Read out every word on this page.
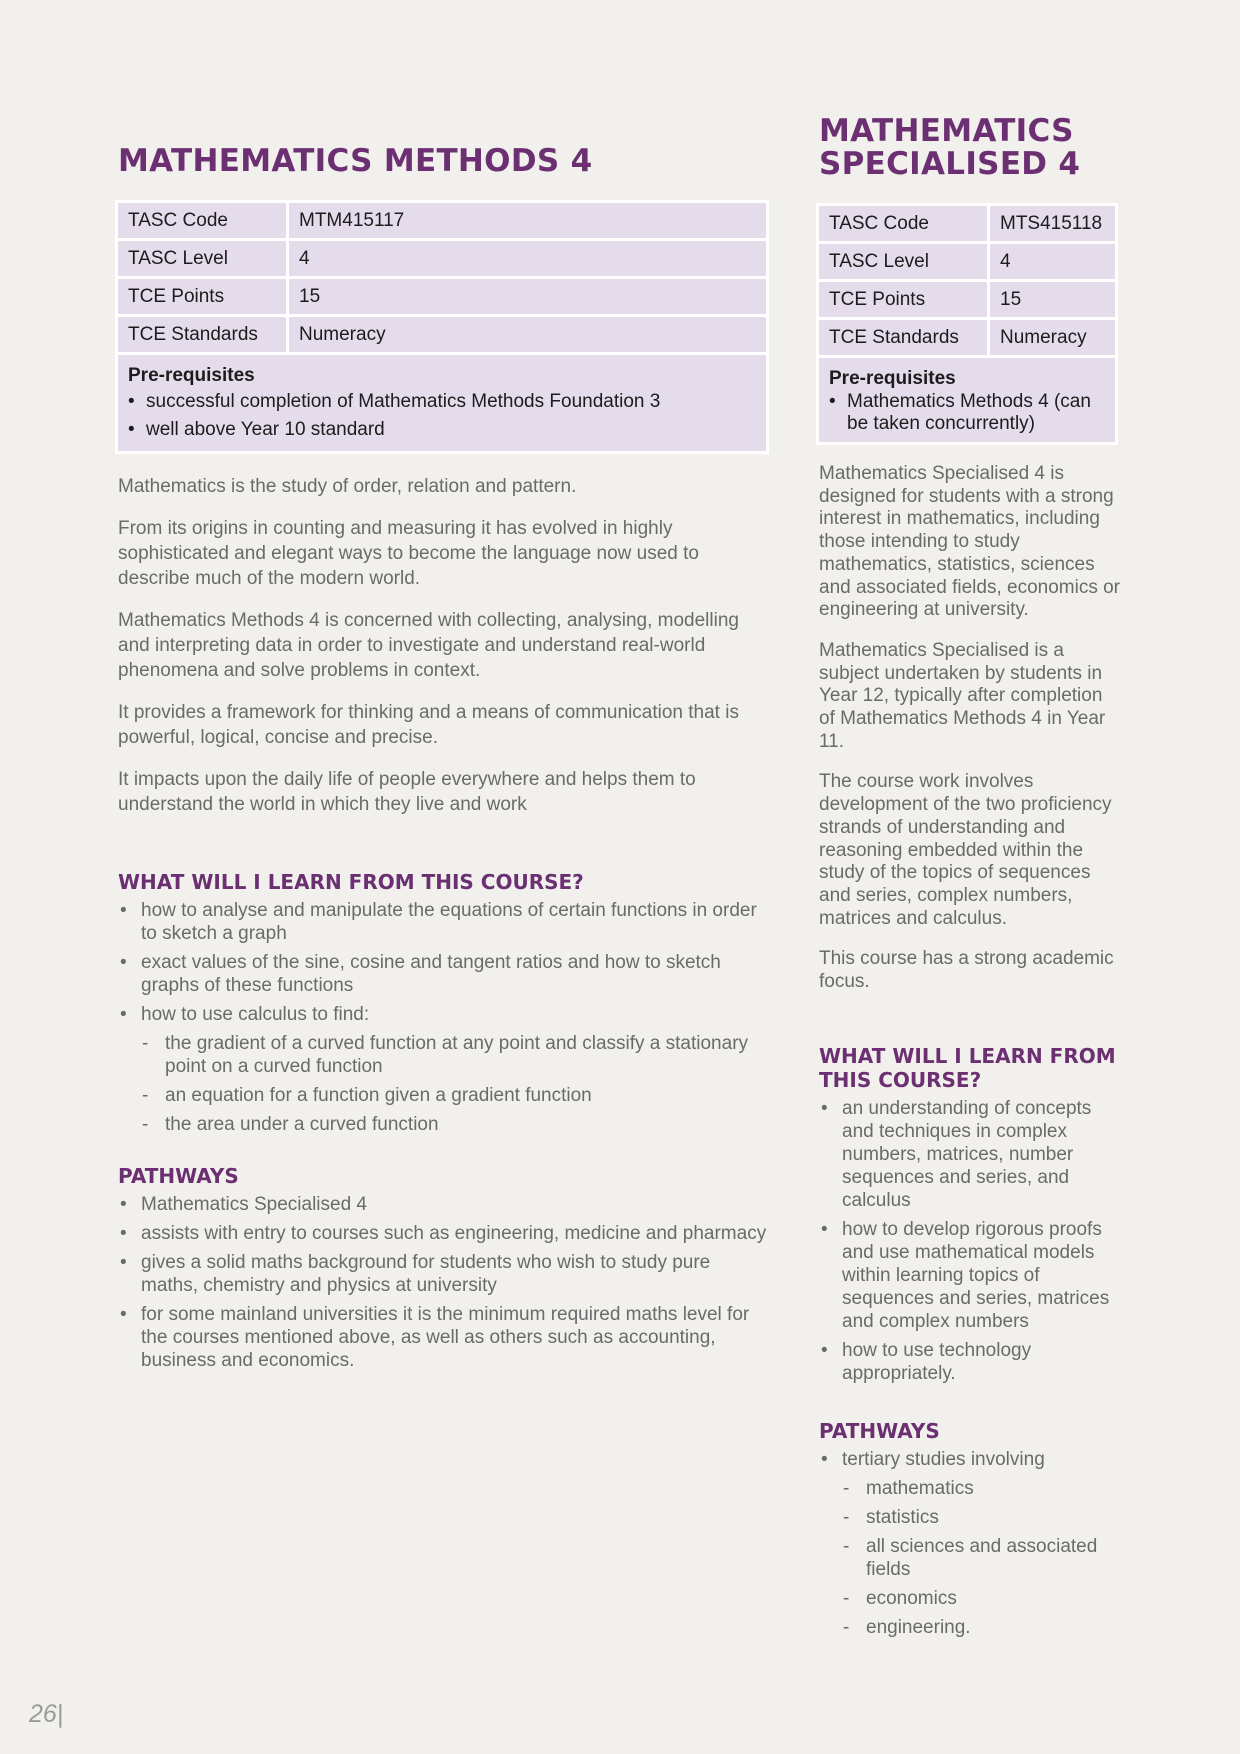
MATHEMATICS METHODS 4
TASC Code	MTM415117
TASC Level	4
TCE Points	15
TCE Standards	Numeracy

Pre-requisites
• successful completion of Mathematics Methods Foundation 3
• well above Year 10 standard

Mathematics is the study of order, relation and pattern.

From its origins in counting and measuring it has evolved in highly sophisticated and elegant ways to become the language now used to describe much of the modern world.

Mathematics Methods 4 is concerned with collecting, analysing, modelling and interpreting data in order to investigate and understand real-world phenomena and solve problems in context.

It provides a framework for thinking and a means of communication that is powerful, logical, concise and precise.

It impacts upon the daily life of people everywhere and helps them to understand the world in which they live and work

WHAT WILL I LEARN FROM THIS COURSE?
• how to analyse and manipulate the equations of certain functions in order to sketch a graph
• exact values of the sine, cosine and tangent ratios and how to sketch graphs of these functions
• how to use calculus to find:
- the gradient of a curved function at any point and classify a stationary point on a curved function
- an equation for a function given a gradient function
- the area under a curved function
PATHWAYS
• Mathematics Specialised 4
• assists with entry to courses such as engineering, medicine and pharmacy
• gives a solid maths background for students who wish to study pure maths, chemistry and physics at university
• for some mainland universities it is the minimum required maths level for the courses mentioned above, as well as others such as accounting, business and economics.
MATHEMATICS
SPECIALISED 4
TASC Code	MTS415118
TASC Level	4
TCE Points	15
TCE Standards	Numeracy

Pre-requisites
• Mathematics Methods 4 (can be taken concurrently)

Mathematics Specialised 4 is designed for students with a strong interest in mathematics, including those intending to study mathematics, statistics, sciences and associated fields, economics or engineering at university.

Mathematics Specialised is a subject undertaken by students in Year 12, typically after completion of Mathematics Methods 4 in Year 11.

The course work involves development of the two proficiency strands of understanding and reasoning embedded within the study of the topics of sequences and series, complex numbers, matrices and calculus.

This course has a strong academic focus.

WHAT WILL I LEARN FROM THIS COURSE?
• an understanding of concepts and techniques in complex numbers, matrices, number sequences and series, and calculus
• how to develop rigorous proofs and use mathematical models within learning topics of sequences and series, matrices and complex numbers
• how to use technology appropriately.
PATHWAYS
• tertiary studies involving
- mathematics
- statistics
- all sciences and associated fields
- economics
- engineering.
26|
